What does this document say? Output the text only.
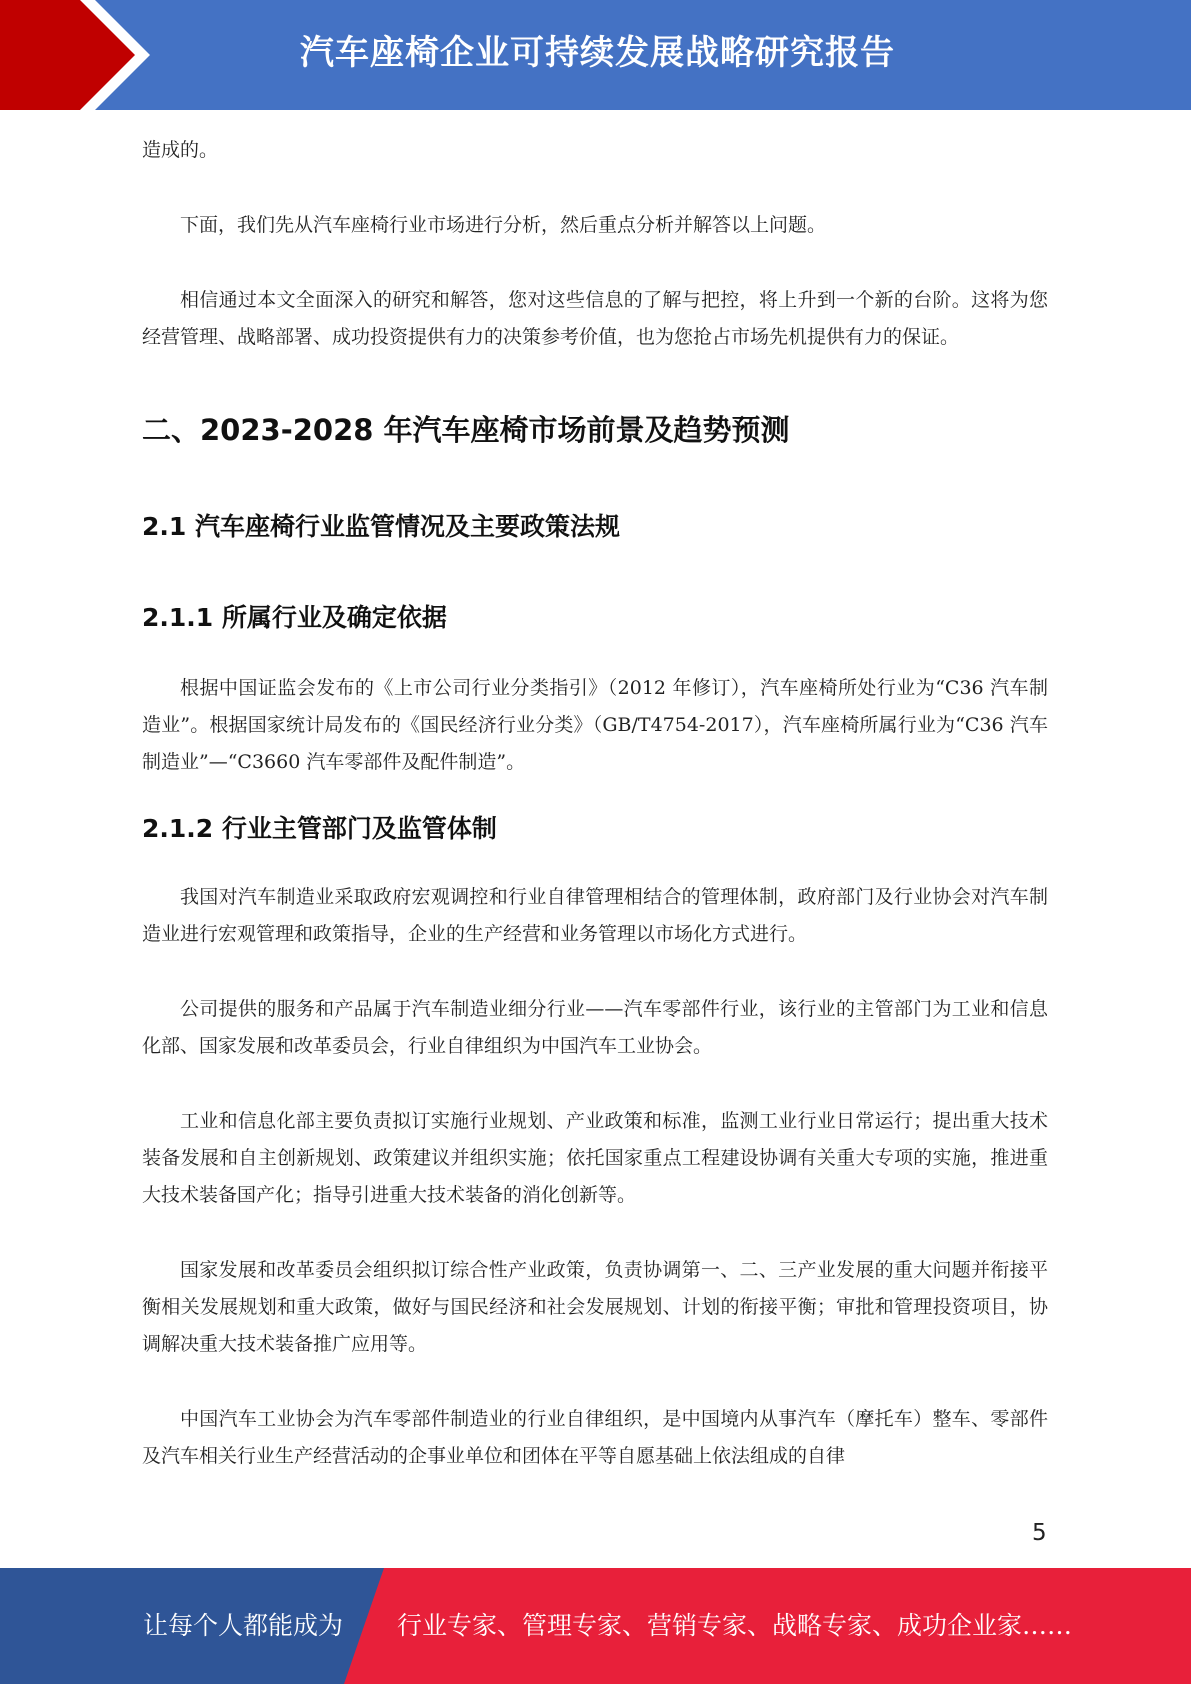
汽车座椅企业可持续发展战略研究报告

造成的。

下面，我们先从汽车座椅行业市场进行分析，然后重点分析并解答以上问题。

相信通过本文全面深入的研究和解答，您对这些信息的了解与把控，将上升到一个新的台阶。这将为您经营管理、战略部署、成功投资提供有力的决策参考价值，也为您抢占市场先机提供有力的保证。

二、2023-2028 年汽车座椅市场前景及趋势预测
2.1 汽车座椅行业监管情况及主要政策法规
2.1.1 所属行业及确定依据

根据中国证监会发布的《上市公司行业分类指引》（2012 年修订），汽车座椅所处行业为“C36 汽车制造业”。根据国家统计局发布的《国民经济行业分类》（GB/T4754-2017），汽车座椅所属行业为“C36 汽车制造业”—“C3660 汽车零部件及配件制造”。

2.1.2 行业主管部门及监管体制

我国对汽车制造业采取政府宏观调控和行业自律管理相结合的管理体制，政府部门及行业协会对汽车制造业进行宏观管理和政策指导，企业的生产经营和业务管理以市场化方式进行。

公司提供的服务和产品属于汽车制造业细分行业——汽车零部件行业，该行业的主管部门为工业和信息化部、国家发展和改革委员会，行业自律组织为中国汽车工业协会。

工业和信息化部主要负责拟订实施行业规划、产业政策和标准，监测工业行业日常运行；提出重大技术装备发展和自主创新规划、政策建议并组织实施；依托国家重点工程建设协调有关重大专项的实施，推进重大技术装备国产化；指导引进重大技术装备的消化创新等。

国家发展和改革委员会组织拟订综合性产业政策，负责协调第一、二、三产业发展的重大问题并衔接平衡相关发展规划和重大政策，做好与国民经济和社会发展规划、计划的衔接平衡；审批和管理投资项目，协调解决重大技术装备推广应用等。

中国汽车工业协会为汽车零部件制造业的行业自律组织，是中国境内从事汽车（摩托车）整车、零部件及汽车相关行业生产经营活动的企事业单位和团体在平等自愿基础上依法组成的自律

5
让每个人都能成为 行业专家、管理专家、营销专家、战略专家、成功企业家……
